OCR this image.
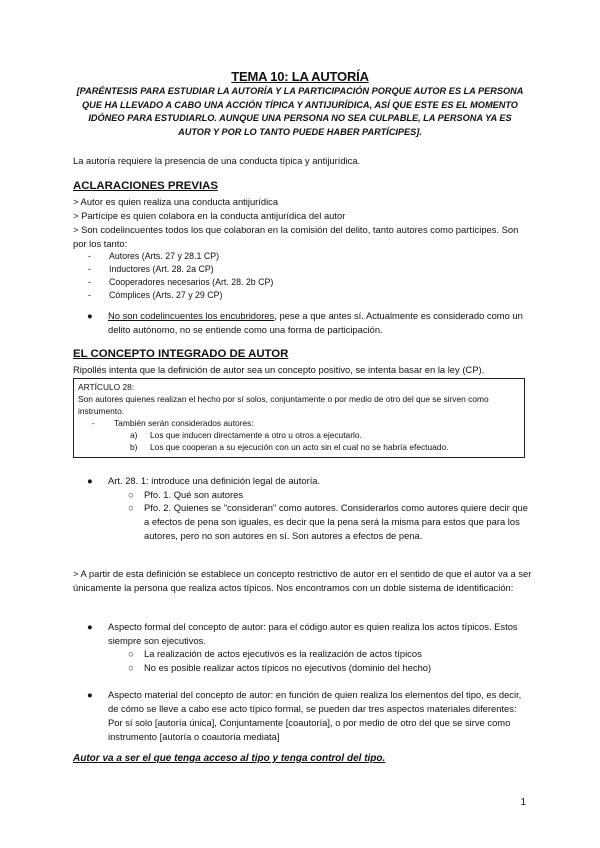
TEMA 10: LA AUTORÍA

[PARÉNTESIS PARA ESTUDIAR LA AUTORÍA Y LA PARTICIPACIÓN PORQUE AUTOR ES LA PERSONA QUE HA LLEVADO A CABO UNA ACCIÓN TÍPICA Y ANTIJURÍDICA, ASÍ QUE ESTE ES EL MOMENTO IDÓNEO PARA ESTUDIARLO. AUNQUE UNA PERSONA NO SEA CULPABLE, LA PERSONA YA ES AUTOR Y POR LO TANTO PUEDE HABER PARTÍCIPES].

La autoría requiere la presencia de una conducta típica y antijurídica.

ACLARACIONES PREVIAS

> Autor es quien realiza una conducta antijurídica

> Partícipe es quien colabora en la conducta antijurídica del autor

> Son codelincuentes todos los que colaboran en la comisión del delito, tanto autores como partícipes. Son por los tanto:

- Autores (Arts. 27 y 28.1 CP)
- Inductores (Art. 28. 2a CP)
- Cooperadores necesarios (Art. 28. 2b CP)
- Cómplices (Arts. 27 y 29 CP)
● No son codelincuentes los encubridores, pese a que antes sí. Actualmente es considerado como un delito autónomo, no se entiende como una forma de participación.

EL CONCEPTO INTEGRADO DE AUTOR

Ripollés intenta que la definición de autor sea un concepto positivo, se intenta basar en la ley (CP).

ARTÍCULO 28:
Son autores quienes realizan el hecho por sí solos, conjuntamente o por medio de otro del que se sirven como instrumento.
- También serán considerados autores:
a) Los que inducen directamente a otro u otros a ejecutarlo.
b) Los que cooperan a su ejecución con un acto sin el cual no se habría efectuado.
● Art. 28. 1: introduce una definición legal de autoría.
○ Pfo. 1. Qué son autores
○ Pfo. 2. Quienes se "consideran" como autores. Considerarlos como autores quiere decir que a efectos de pena son iguales, es decir que la pena será la misma para estos que para los autores, pero no son autores en sí. Son autores a efectos de pena.

> A partir de esta definición se establece un concepto restrictivo de autor en el sentido de que el autor va a ser únicamente la persona que realiza actos típicos. Nos encontramos con un doble sistema de identificación:

● Aspecto formal del concepto de autor: para el código autor es quien realiza los actos típicos. Estos siempre son ejecutivos.
○ La realización de actos ejecutivos es la realización de actos típicos
○ No es posible realizar actos típicos no ejecutivos (dominio del hecho)
● Aspecto material del concepto de autor: en función de quien realiza los elementos del tipo, es decir, de cómo se lleve a cabo ese acto típico formal, se pueden dar tres aspectos materiales diferentes: Por sí solo [autoría única], Conjuntamente [coautoría], o por medio de otro del que se sirve como instrumento [autoría o coautoría mediata]

Autor va a ser el que tenga acceso al tipo y tenga control del tipo.

1
